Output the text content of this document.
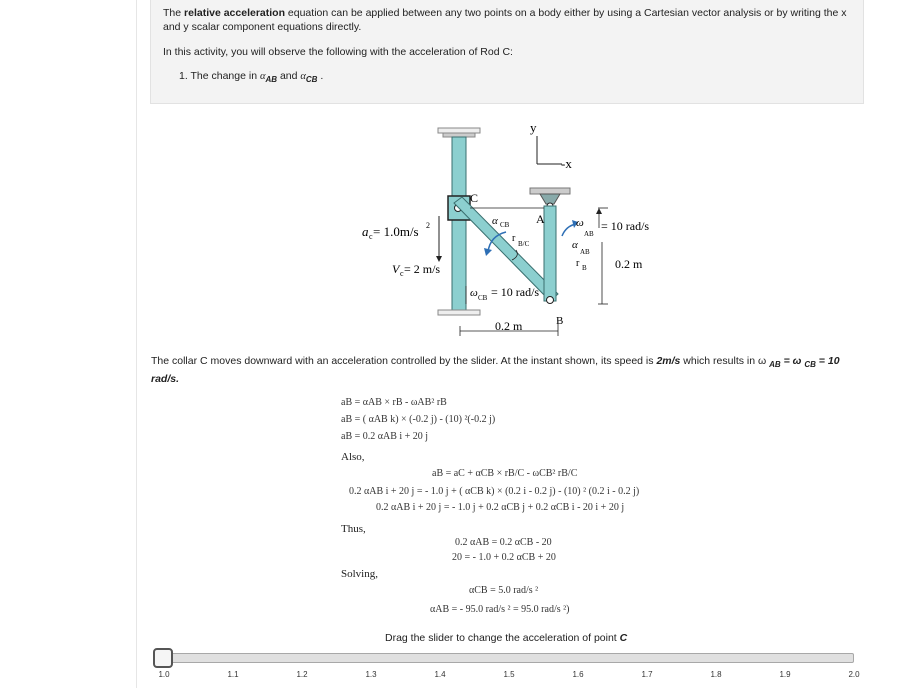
The relative acceleration equation can be applied between any two points on a body either by using a Cartesian vector analysis or by writing the x and y scalar component equations directly.

In this activity, you will observe the following with the acceleration of Rod C:

1. The change in $\alpha_{AB}$ and $\alpha_{CB}$ .

y
-x
C
A
B
α CB
r B/C
ω
AB
= 10 rad/s
α
AB
r B 0.2 m
a c = 1.0m/s 2
V c = 2 m/s
ω CB = 10 rad/s
0.2 m
The collar C moves downward with an acceleration controlled by the slider. At the instant shown, its speed is 2m/s which results in ω $_{AB}$ = ω $_{CB}$ = 10 rad/s.
aB = αAB × rB - ωAB² rB
aB = ( αAB k) × (-0.2 j) - (10) ²(-0.2 j)
aB = 0.2 αAB i + 20 j
Also,
aB = aC + αCB × rB/C - ωCB² rB/C
0.2 αAB i + 20 j = - 1.0 j + ( αCB k) × (0.2 i - 0.2 j) - (10) ² (0.2 i - 0.2 j)
0.2 αAB i + 20 j = - 1.0 j + 0.2 αCB j + 0.2 αCB i - 20 i + 20 j
Thus,
0.2 αAB = 0.2 αCB - 20
20 = - 1.0 + 0.2 αCB + 20
Solving,
αCB = 5.0 rad/s ²
αAB = - 95.0 rad/s ² = 95.0 rad/s ²)
Drag the slider to change the acceleration of point C
1.0	1.1	1.2	1.3	1.4	1.5	1.6	1.7	1.8	1.9	2.0
